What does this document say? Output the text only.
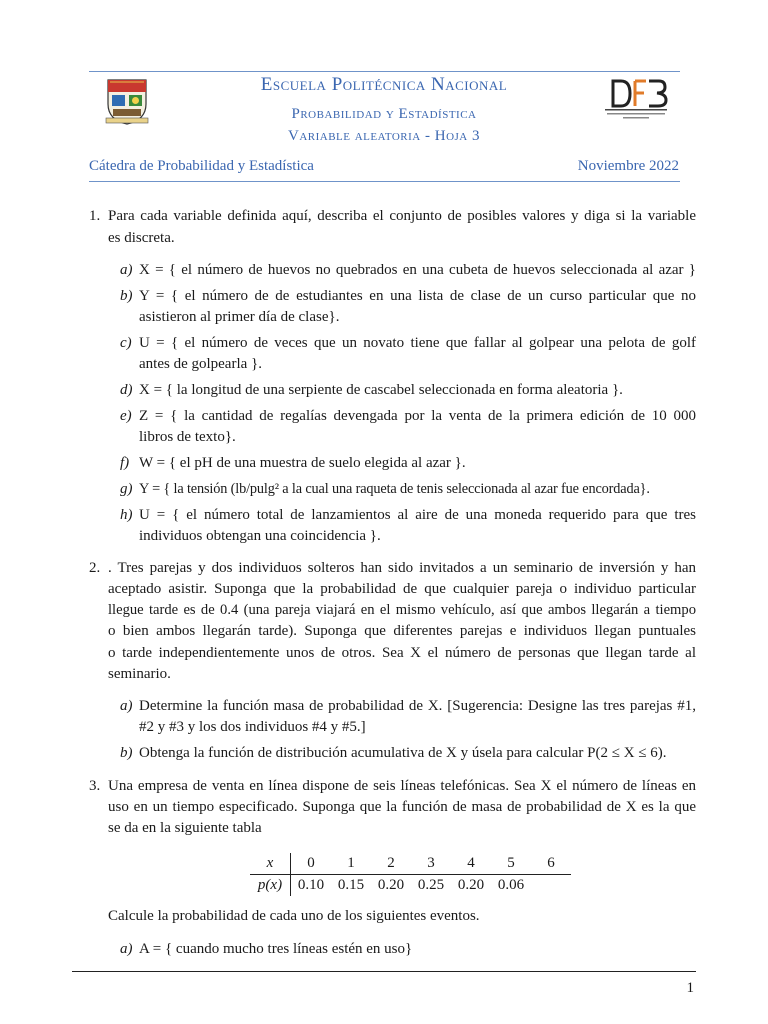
Escuela Politécnica Nacional
Probabilidad y Estadística
Variable aleatoria - Hoja 3
Cátedra de Probabilidad y Estadística	Noviembre 2022
1. Para cada variable definida aquí, describa el conjunto de posibles valores y diga si la variable
es discreta.
a) X = { el número de huevos no quebrados en una cubeta de huevos seleccionada al azar }
b) Y = { el número de de estudiantes en una lista de clase de un curso particular que no
asistieron al primer día de clase}.
c) U = { el número de veces que un novato tiene que fallar al golpear una pelota de golf
antes de golpearla }.
d) X = { la longitud de una serpiente de cascabel seleccionada en forma aleatoria }.
e) Z = { la cantidad de regalías devengada por la venta de la primera edición de 10 000
libros de texto}.
f) W = { el pH de una muestra de suelo elegida al azar }.
g) Y = { la tensión (lb/pulg² a la cual una raqueta de tenis seleccionada al azar fue encordada}.
h) U = { el número total de lanzamientos al aire de una moneda requerido para que tres
individuos obtengan una coincidencia }.
2. . Tres parejas y dos individuos solteros han sido invitados a un seminario de inversión y han
aceptado asistir. Suponga que la probabilidad de que cualquier pareja o individuo particular
llegue tarde es de 0.4 (una pareja viajará en el mismo vehículo, así que ambos llegarán a tiempo
o bien ambos llegarán tarde). Suponga que diferentes parejas e individuos llegan puntuales
o tarde independientemente unos de otros. Sea X el número de personas que llegan tarde al
seminario.
a) Determine la función masa de probabilidad de X. [Sugerencia: Designe las tres parejas #1,
#2 y #3 y los dos individuos #4 y #5.]
b) Obtenga la función de distribución acumulativa de X y úsela para calcular P(2 ≤ X ≤ 6).
3. Una empresa de venta en línea dispone de seis líneas telefónicas. Sea X el número de líneas en
uso en un tiempo especificado. Suponga que la función de masa de probabilidad de X es la que
se da en la siguiente tabla
x	0	1	2	3	4	5	6
p(x)	0.10	0.15	0.20	0.25	0.20	0.06	
Calcule la probabilidad de cada uno de los siguientes eventos.
a) A = { cuando mucho tres líneas estén en uso}
1
